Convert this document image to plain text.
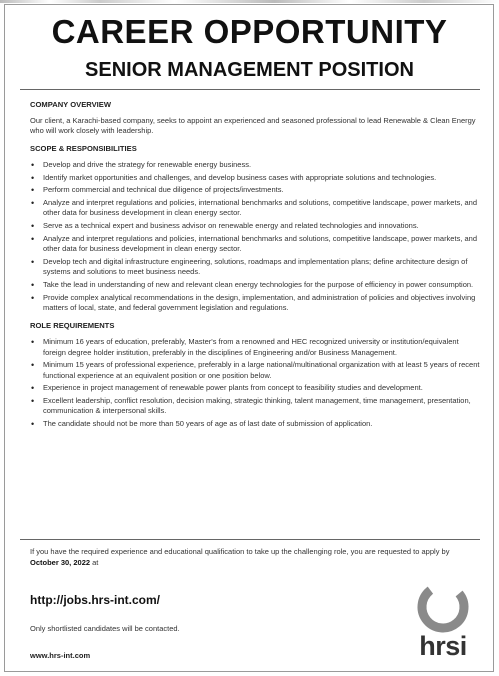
CAREER OPPORTUNITY
SENIOR MANAGEMENT POSITION
COMPANY OVERVIEW
Our client, a Karachi-based company, seeks to appoint an experienced and seasoned professional to lead Renewable & Clean Energy who will work closely with leadership.
SCOPE & RESPONSIBILITIES
• Develop and drive the strategy for renewable energy business.
• Identify market opportunities and challenges, and develop business cases with appropriate solutions and technologies.
• Perform commercial and technical due diligence of projects/investments.
• Analyze and interpret regulations and policies, international benchmarks and solutions, competitive landscape, power markets, and other data for business development in clean energy sector.
• Serve as a technical expert and business advisor on renewable energy and related technologies and innovations.
• Analyze and interpret regulations and policies, international benchmarks and solutions, competitive landscape, power markets, and other data for business development in clean energy sector.
• Develop tech and digital infrastructure engineering, solutions, roadmaps and implementation plans; define architecture design of systems and solutions to meet business needs.
• Take the lead in understanding of new and relevant clean energy technologies for the purpose of efficiency in power consumption.
• Provide complex analytical recommendations in the design, implementation, and administration of policies and objectives involving matters of local, state, and federal government legislation and regulations.
ROLE REQUIREMENTS
• Minimum 16 years of education, preferably, Master's from a renowned and HEC recognized university or institution/equivalent foreign degree holder institution, preferably in the disciplines of Engineering and/or Business Management.
• Minimum 15 years of professional experience, preferably in a large national/multinational organization with at least 5 years of recent functional experience at an equivalent position or one position below.
• Experience in project management of renewable power plants from concept to feasibility studies and development.
• Excellent leadership, conflict resolution, decision making, strategic thinking, talent management, time management, presentation, communication & interpersonal skills.
• The candidate should not be more than 50 years of age as of last date of submission of application.
If you have the required experience and educational qualification to take up the challenging role, you are requested to apply by October 30, 2022 at
http://jobs.hrs-int.com/
Only shortlisted candidates will be contacted.
www.hrs-int.com	hrsi
